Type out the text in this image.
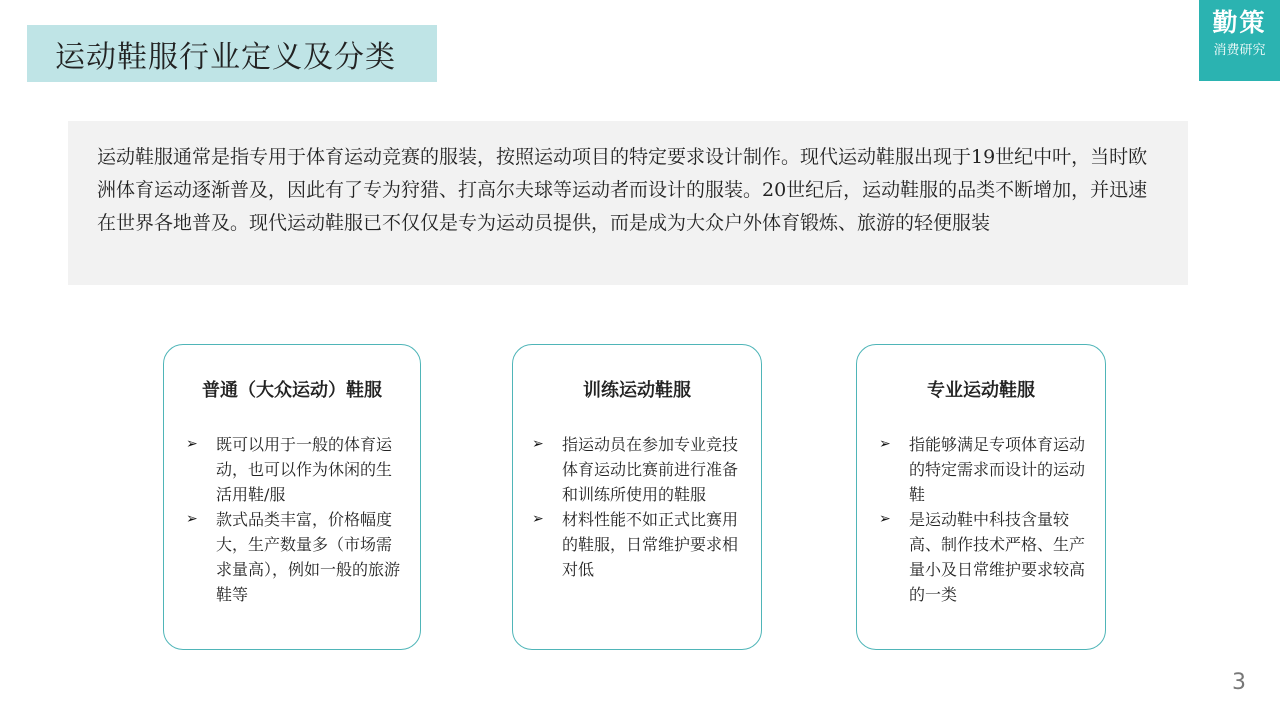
运动鞋服行业定义及分类
勤策
消费研究

运动鞋服通常是指专用于体育运动竞赛的服装，按照运动项目的特定要求设计制作。现代运动鞋服出现于19世纪中叶，当时欧洲体育运动逐渐普及，因此有了专为狩猎、打高尔夫球等运动者而设计的服装。20世纪后，运动鞋服的品类不断增加，并迅速在世界各地普及。现代运动鞋服已不仅仅是专为运动员提供，而是成为大众户外体育锻炼、旅游的轻便服装

普通（大众运动）鞋服
➢ 既可以用于一般的体育运动，也可以作为休闲的生活用鞋/服
➢ 款式品类丰富，价格幅度大，生产数量多（市场需求量高），例如一般的旅游鞋等
训练运动鞋服
➢ 指运动员在参加专业竞技体育运动比赛前进行准备和训练所使用的鞋服
➢ 材料性能不如正式比赛用的鞋服，日常维护要求相对低
专业运动鞋服
➢ 指能够满足专项体育运动的特定需求而设计的运动鞋
➢ 是运动鞋中科技含量较高、制作技术严格、生产量小及日常维护要求较高的一类
3
